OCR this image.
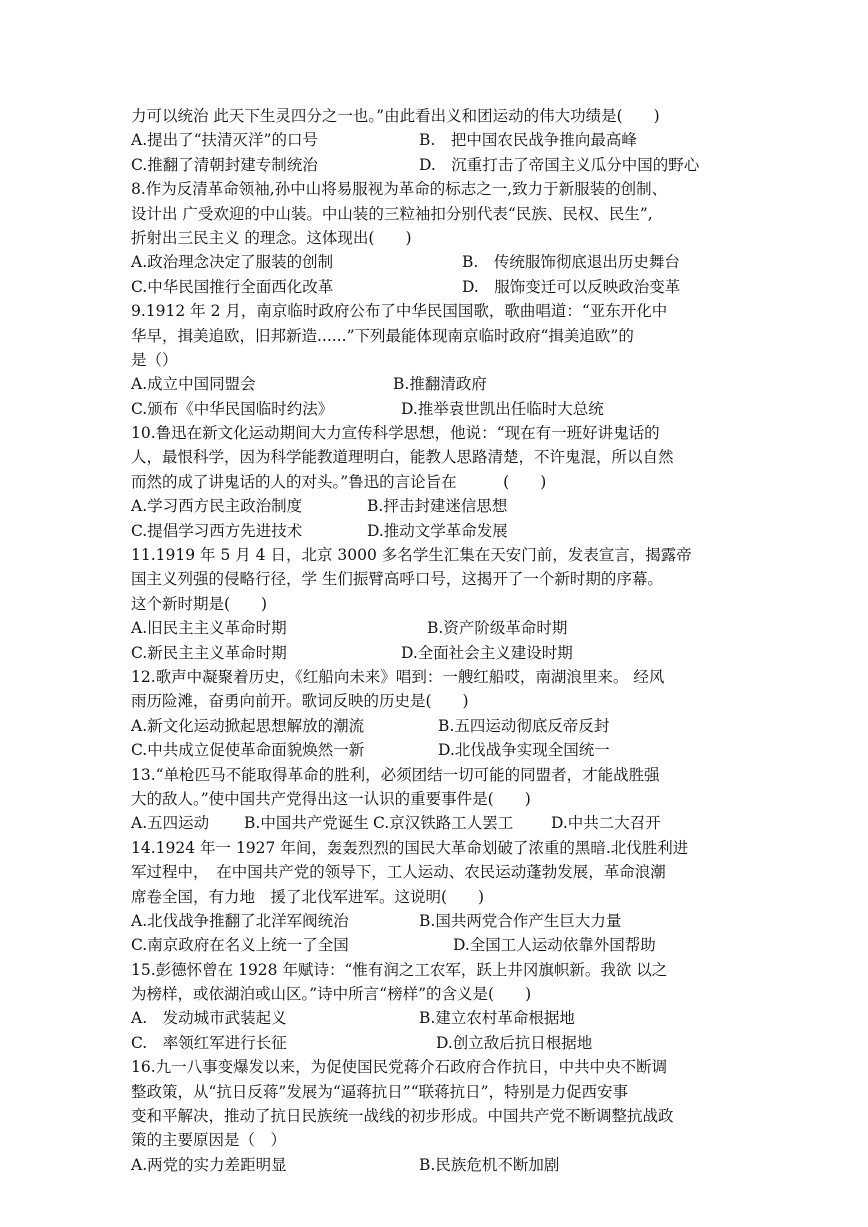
力可以统治 此天下生灵四分之一也。”由此看出义和团运动的伟大功绩是(　　)
A.提出了“扶清灭洋”的口号	B.　把中国农民战争推向最高峰
C.推翻了清朝封建专制统治	D.　沉重打击了帝国主义瓜分中国的野心
8.作为反清革命领袖,孙中山将易服视为革命的标志之一,致力于新服装的创制、
设计出 广受欢迎的中山装。中山装的三粒袖扣分别代表“民族、民权、民生”,
折射出三民主义 的理念。这体现出(　　)
A.政治理念决定了服装的创制	B.　传统服饰彻底退出历史舞台
C.中华民国推行全面西化改革	D.　服饰变迁可以反映政治变革
9.1912 年 2 月，南京临时政府公布了中华民国国歌，歌曲唱道：“亚东开化中
华早，揖美追欧，旧邦新造......”下列最能体现南京临时政府“揖美追欧”的
是（）
A.成立中国同盟会	B.推翻清政府
C.颁布《中华民国临时约法》	D.推举袁世凯出任临时大总统
10.鲁迅在新文化运动期间大力宣传科学思想，他说：“现在有一班好讲鬼话的
人，最恨科学，因为科学能教道理明白，能教人思路清楚，不许鬼混，所以自然
而然的成了讲鬼话的人的对头。”鲁迅的言论旨在　　　(　　)
A.学习西方民主政治制度	B.抨击封建迷信思想
C.提倡学习西方先进技术	D.推动文学革命发展
11.1919 年 5 月 4 日，北京 3000 多名学生汇集在天安门前，发表宣言，揭露帝
国主义列强的侵略行径，学 生们振臂高呼口号，这揭开了一个新时期的序幕。
这个新时期是(　　)
A.旧民主主义革命时期	B.资产阶级革命时期
C.新民主主义革命时期	D.全面社会主义建设时期
12.歌声中凝聚着历史，《红船向未来》唱到：一艘红船哎，南湖浪里来。 经风
雨历险滩，奋勇向前开。歌词反映的历史是(　　)
A.新文化运动掀起思想解放的潮流	B.五四运动彻底反帝反封
C.中共成立促使革命面貌焕然一新	D.北伐战争实现全国统一
13.“单枪匹马不能取得革命的胜利，必须团结一切可能的同盟者，才能战胜强
大的敌人。”使中国共产党得出这一认识的重要事件是(　　)
A.五四运动 B.中国共产党诞生 C.京汉铁路工人罢工 D.中共二大召开
14.1924 年一 1927 年间，轰轰烈烈的国民大革命划破了浓重的黑暗.北伐胜利进
军过程中，　在中国共产党的领导下，工人运动、农民运动蓬勃发展，革命浪潮
席卷全国，有力地　援了北伐军进军。这说明(　　)
A.北伐战争推翻了北洋军阀统治	B.国共两党合作产生巨大力量
C.南京政府在名义上统一了全国	D.全国工人运动依靠外国帮助
15.彭德怀曾在 1928 年赋诗：“惟有润之工农军，跃上井冈旗帜新。我欲 以之
为榜样，或依湖泊或山区。”诗中所言“榜样”的含义是(　　)
A.　发动城市武装起义	B.建立农村革命根据地
C.　率领红军进行长征	D.创立敌后抗日根据地
16.九一八事变爆发以来，为促使国民党蒋介石政府合作抗日，中共中央不断调
整政策，从“抗日反蒋”发展为“逼蒋抗日”“联蒋抗日”，特别是力促西安事
变和平解决，推动了抗日民族统一战线的初步形成。中国共产党不断调整抗战政
策的主要原因是（　）
A.两党的实力差距明显	B.民族危机不断加剧
